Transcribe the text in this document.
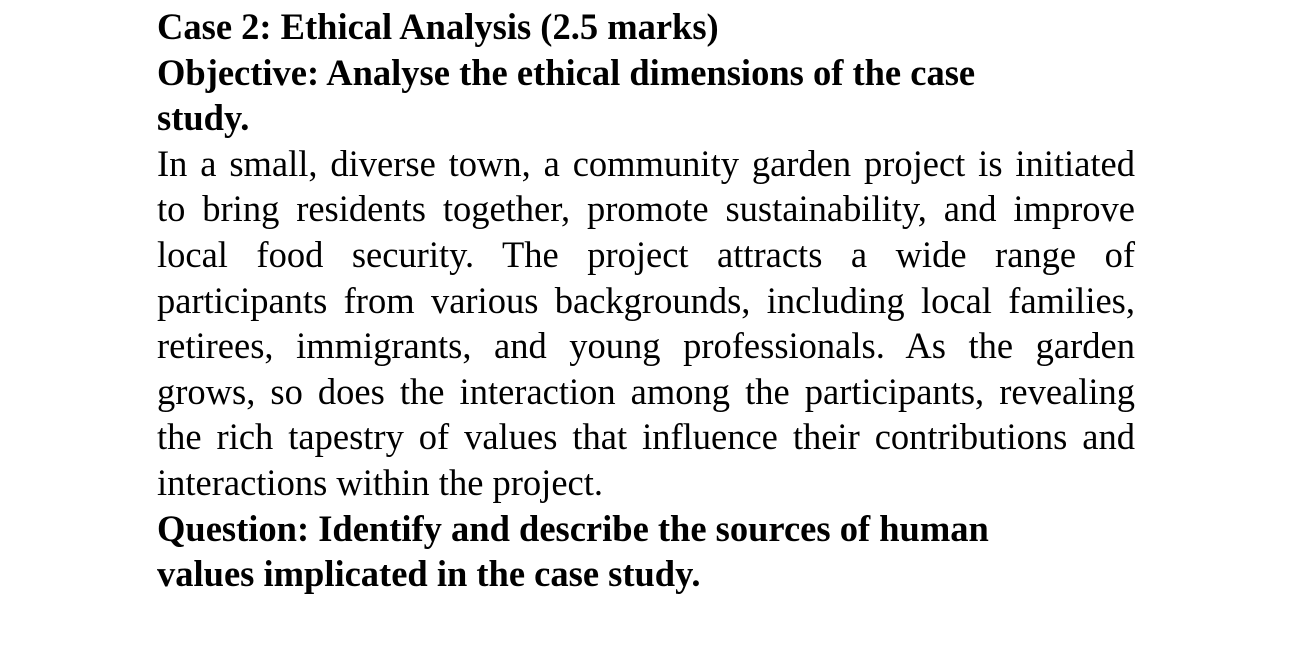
Case 2: Ethical Analysis (2.5 marks)
Objective: Analyse the ethical dimensions of the case study.

In a small, diverse town, a community garden project is initiated to bring residents together, promote sustainability, and improve local food security. The project attracts a wide range of participants from various backgrounds, including local families, retirees, immigrants, and young professionals. As the garden grows, so does the interaction among the participants, revealing the rich tapestry of values that influence their contributions and interactions within the project.

Question: Identify and describe the sources of human values implicated in the case study.
